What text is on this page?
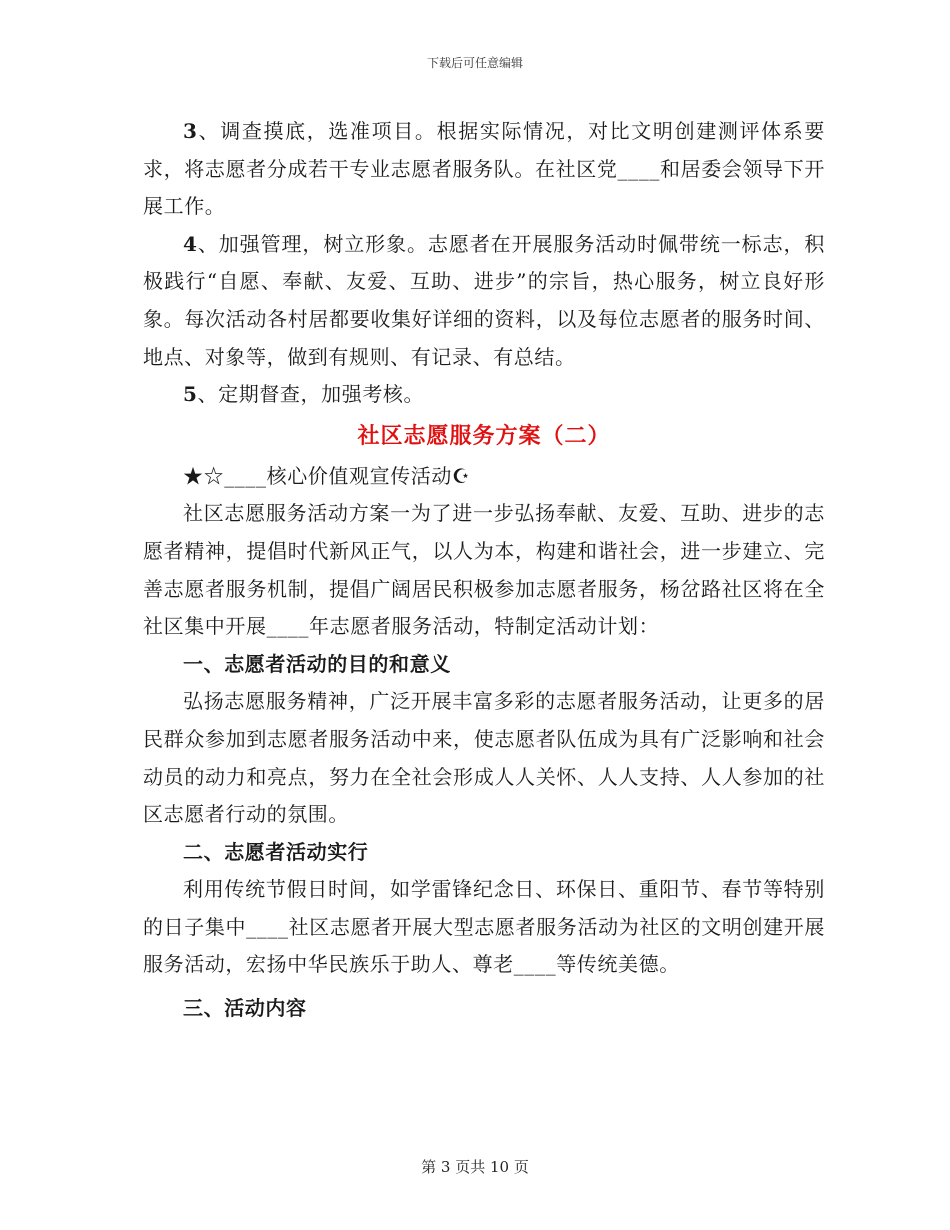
下载后可任意编辑

3、调查摸底，选准项目。根据实际情况，对比文明创建测评体系要求，将志愿者分成若干专业志愿者服务队。在社区党____和居委会领导下开展工作。

4、加强管理，树立形象。志愿者在开展服务活动时佩带统一标志，积极践行“自愿、奉献、友爱、互助、进步”的宗旨，热心服务，树立良好形象。每次活动各村居都要收集好详细的资料，以及每位志愿者的服务时间、地点、对象等，做到有规则、有记录、有总结。

5、定期督查，加强考核。

社区志愿服务方案（二）

★☆____核心价值观宣传活动☪

社区志愿服务活动方案一为了进一步弘扬奉献、友爱、互助、进步的志愿者精神，提倡时代新风正气，以人为本，构建和谐社会，进一步建立、完善志愿者服务机制，提倡广阔居民积极参加志愿者服务，杨岔路社区将在全社区集中开展____年志愿者服务活动，特制定活动计划：

一、志愿者活动的目的和意义

弘扬志愿服务精神，广泛开展丰富多彩的志愿者服务活动，让更多的居民群众参加到志愿者服务活动中来，使志愿者队伍成为具有广泛影响和社会动员的动力和亮点，努力在全社会形成人人关怀、人人支持、人人参加的社区志愿者行动的氛围。

二、志愿者活动实行

利用传统节假日时间，如学雷锋纪念日、环保日、重阳节、春节等特别的日子集中____社区志愿者开展大型志愿者服务活动为社区的文明创建开展服务活动，宏扬中华民族乐于助人、尊老____等传统美德。

三、活动内容

第 3 页共 10 页
